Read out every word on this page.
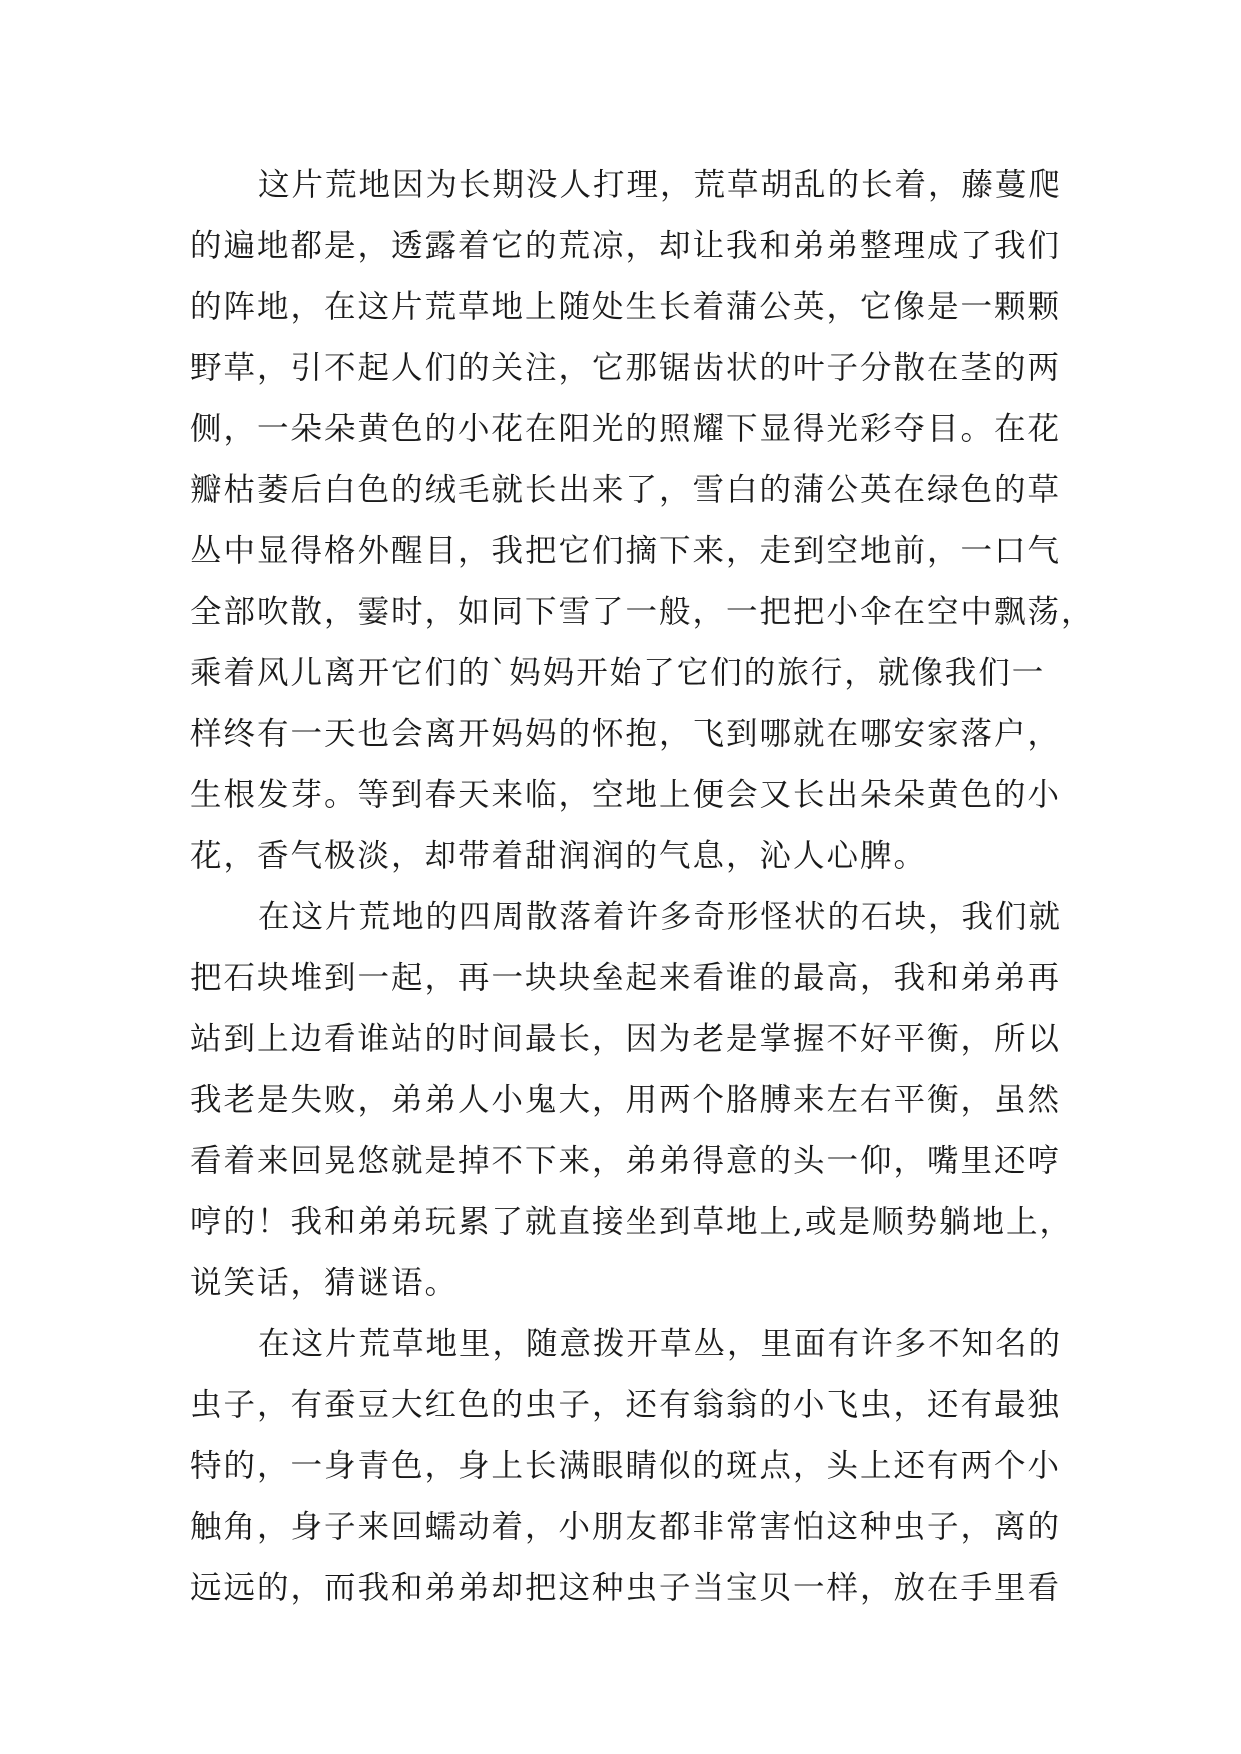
这片荒地因为长期没人打理，荒草胡乱的长着，藤蔓爬
的遍地都是，透露着它的荒凉，却让我和弟弟整理成了我们
的阵地，在这片荒草地上随处生长着蒲公英，它像是一颗颗
野草，引不起人们的关注，它那锯齿状的叶子分散在茎的两
侧，一朵朵黄色的小花在阳光的照耀下显得光彩夺目。在花
瓣枯萎后白色的绒毛就长出来了，雪白的蒲公英在绿色的草
丛中显得格外醒目，我把它们摘下来，走到空地前，一口气
全部吹散，霎时，如同下雪了一般，一把把小伞在空中飘荡，
乘着风儿离开它们的`妈妈开始了它们的旅行，就像我们一
样终有一天也会离开妈妈的怀抱，飞到哪就在哪安家落户，
生根发芽。等到春天来临，空地上便会又长出朵朵黄色的小
花，香气极淡，却带着甜润润的气息，沁人心脾。
在这片荒地的四周散落着许多奇形怪状的石块，我们就
把石块堆到一起，再一块块垒起来看谁的最高，我和弟弟再
站到上边看谁站的时间最长，因为老是掌握不好平衡，所以
我老是失败，弟弟人小鬼大，用两个胳膊来左右平衡，虽然
看着来回晃悠就是掉不下来，弟弟得意的头一仰，嘴里还哼
哼的！我和弟弟玩累了就直接坐到草地上,或是顺势躺地上，
说笑话，猜谜语。
在这片荒草地里，随意拨开草丛，里面有许多不知名的
虫子，有蚕豆大红色的虫子，还有翁翁的小飞虫，还有最独
特的，一身青色，身上长满眼睛似的斑点，头上还有两个小
触角，身子来回蠕动着，小朋友都非常害怕这种虫子，离的
远远的，而我和弟弟却把这种虫子当宝贝一样，放在手里看
